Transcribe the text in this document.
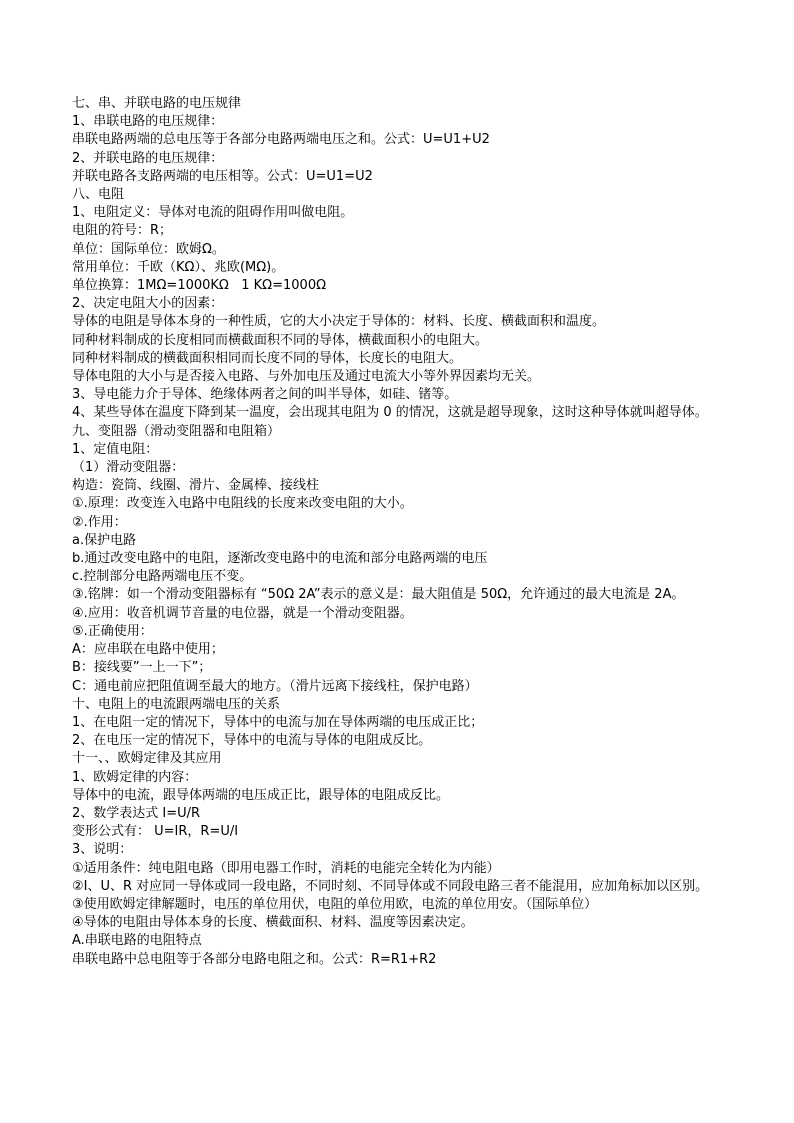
七、串、并联电路的电压规律
1、串联电路的电压规律：
串联电路两端的总电压等于各部分电路两端电压之和。公式：U=U1+U2
2、并联电路的电压规律：
并联电路各支路两端的电压相等。公式：U=U1=U2
八、电阻
1、电阻定义：导体对电流的阻碍作用叫做电阻。
电阻的符号：R；
单位：国际单位：欧姆Ω。
常用单位：千欧（KΩ）、兆欧(MΩ)。
单位换算：1MΩ=1000KΩ   1 KΩ=1000Ω
2、决定电阻大小的因素：
导体的电阻是导体本身的一种性质，它的大小决定于导体的：材料、长度、横截面积和温度。
同种材料制成的长度相同而横截面积不同的导体，横截面积小的电阻大。
同种材料制成的横截面积相同而长度不同的导体，长度长的电阻大。
导体电阻的大小与是否接入电路、与外加电压及通过电流大小等外界因素均无关。
3、导电能力介于导体、绝缘体两者之间的叫半导体，如硅、锗等。
4、某些导体在温度下降到某一温度，会出现其电阻为 0 的情况，这就是超导现象，这时这种导体就叫超导体。
九、变阻器（滑动变阻器和电阻箱）
1、定值电阻：
（1）滑动变阻器：
构造：瓷筒、线圈、滑片、金属棒、接线柱
①.原理：改变连入电路中电阻线的长度来改变电阻的大小。
②.作用：
a.保护电路
b.通过改变电路中的电阻，逐渐改变电路中的电流和部分电路两端的电压
c.控制部分电路两端电压不变。
③.铭牌：如一个滑动变阻器标有 “50Ω 2A”表示的意义是：最大阻值是 50Ω，允许通过的最大电流是 2A。
④.应用：收音机调节音量的电位器，就是一个滑动变阻器。
⑤.正确使用：
A：应串联在电路中使用；
B：接线要”一上一下”；
C：通电前应把阻值调至最大的地方。（滑片远离下接线柱，保护电路）
十、电阻上的电流跟两端电压的关系
1、在电阻一定的情况下，导体中的电流与加在导体两端的电压成正比；
2、在电压一定的情况下，导体中的电流与导体的电阻成反比。
十一、、欧姆定律及其应用
1、欧姆定律的内容：
导体中的电流，跟导体两端的电压成正比，跟导体的电阻成反比。
2、数学表达式 I=U/R
变形公式有： U=IR，R=U/I
3、说明：
①适用条件：纯电阻电路（即用电器工作时，消耗的电能完全转化为内能）
②I、U、R 对应同一导体或同一段电路，不同时刻、不同导体或不同段电路三者不能混用，应加角标加以区别。
③使用欧姆定律解题时，电压的单位用伏，电阻的单位用欧，电流的单位用安。（国际单位）
④导体的电阻由导体本身的长度、横截面积、材料、温度等因素决定。
A.串联电路的电阻特点
串联电路中总电阻等于各部分电路电阻之和。公式：R=R1+R2
